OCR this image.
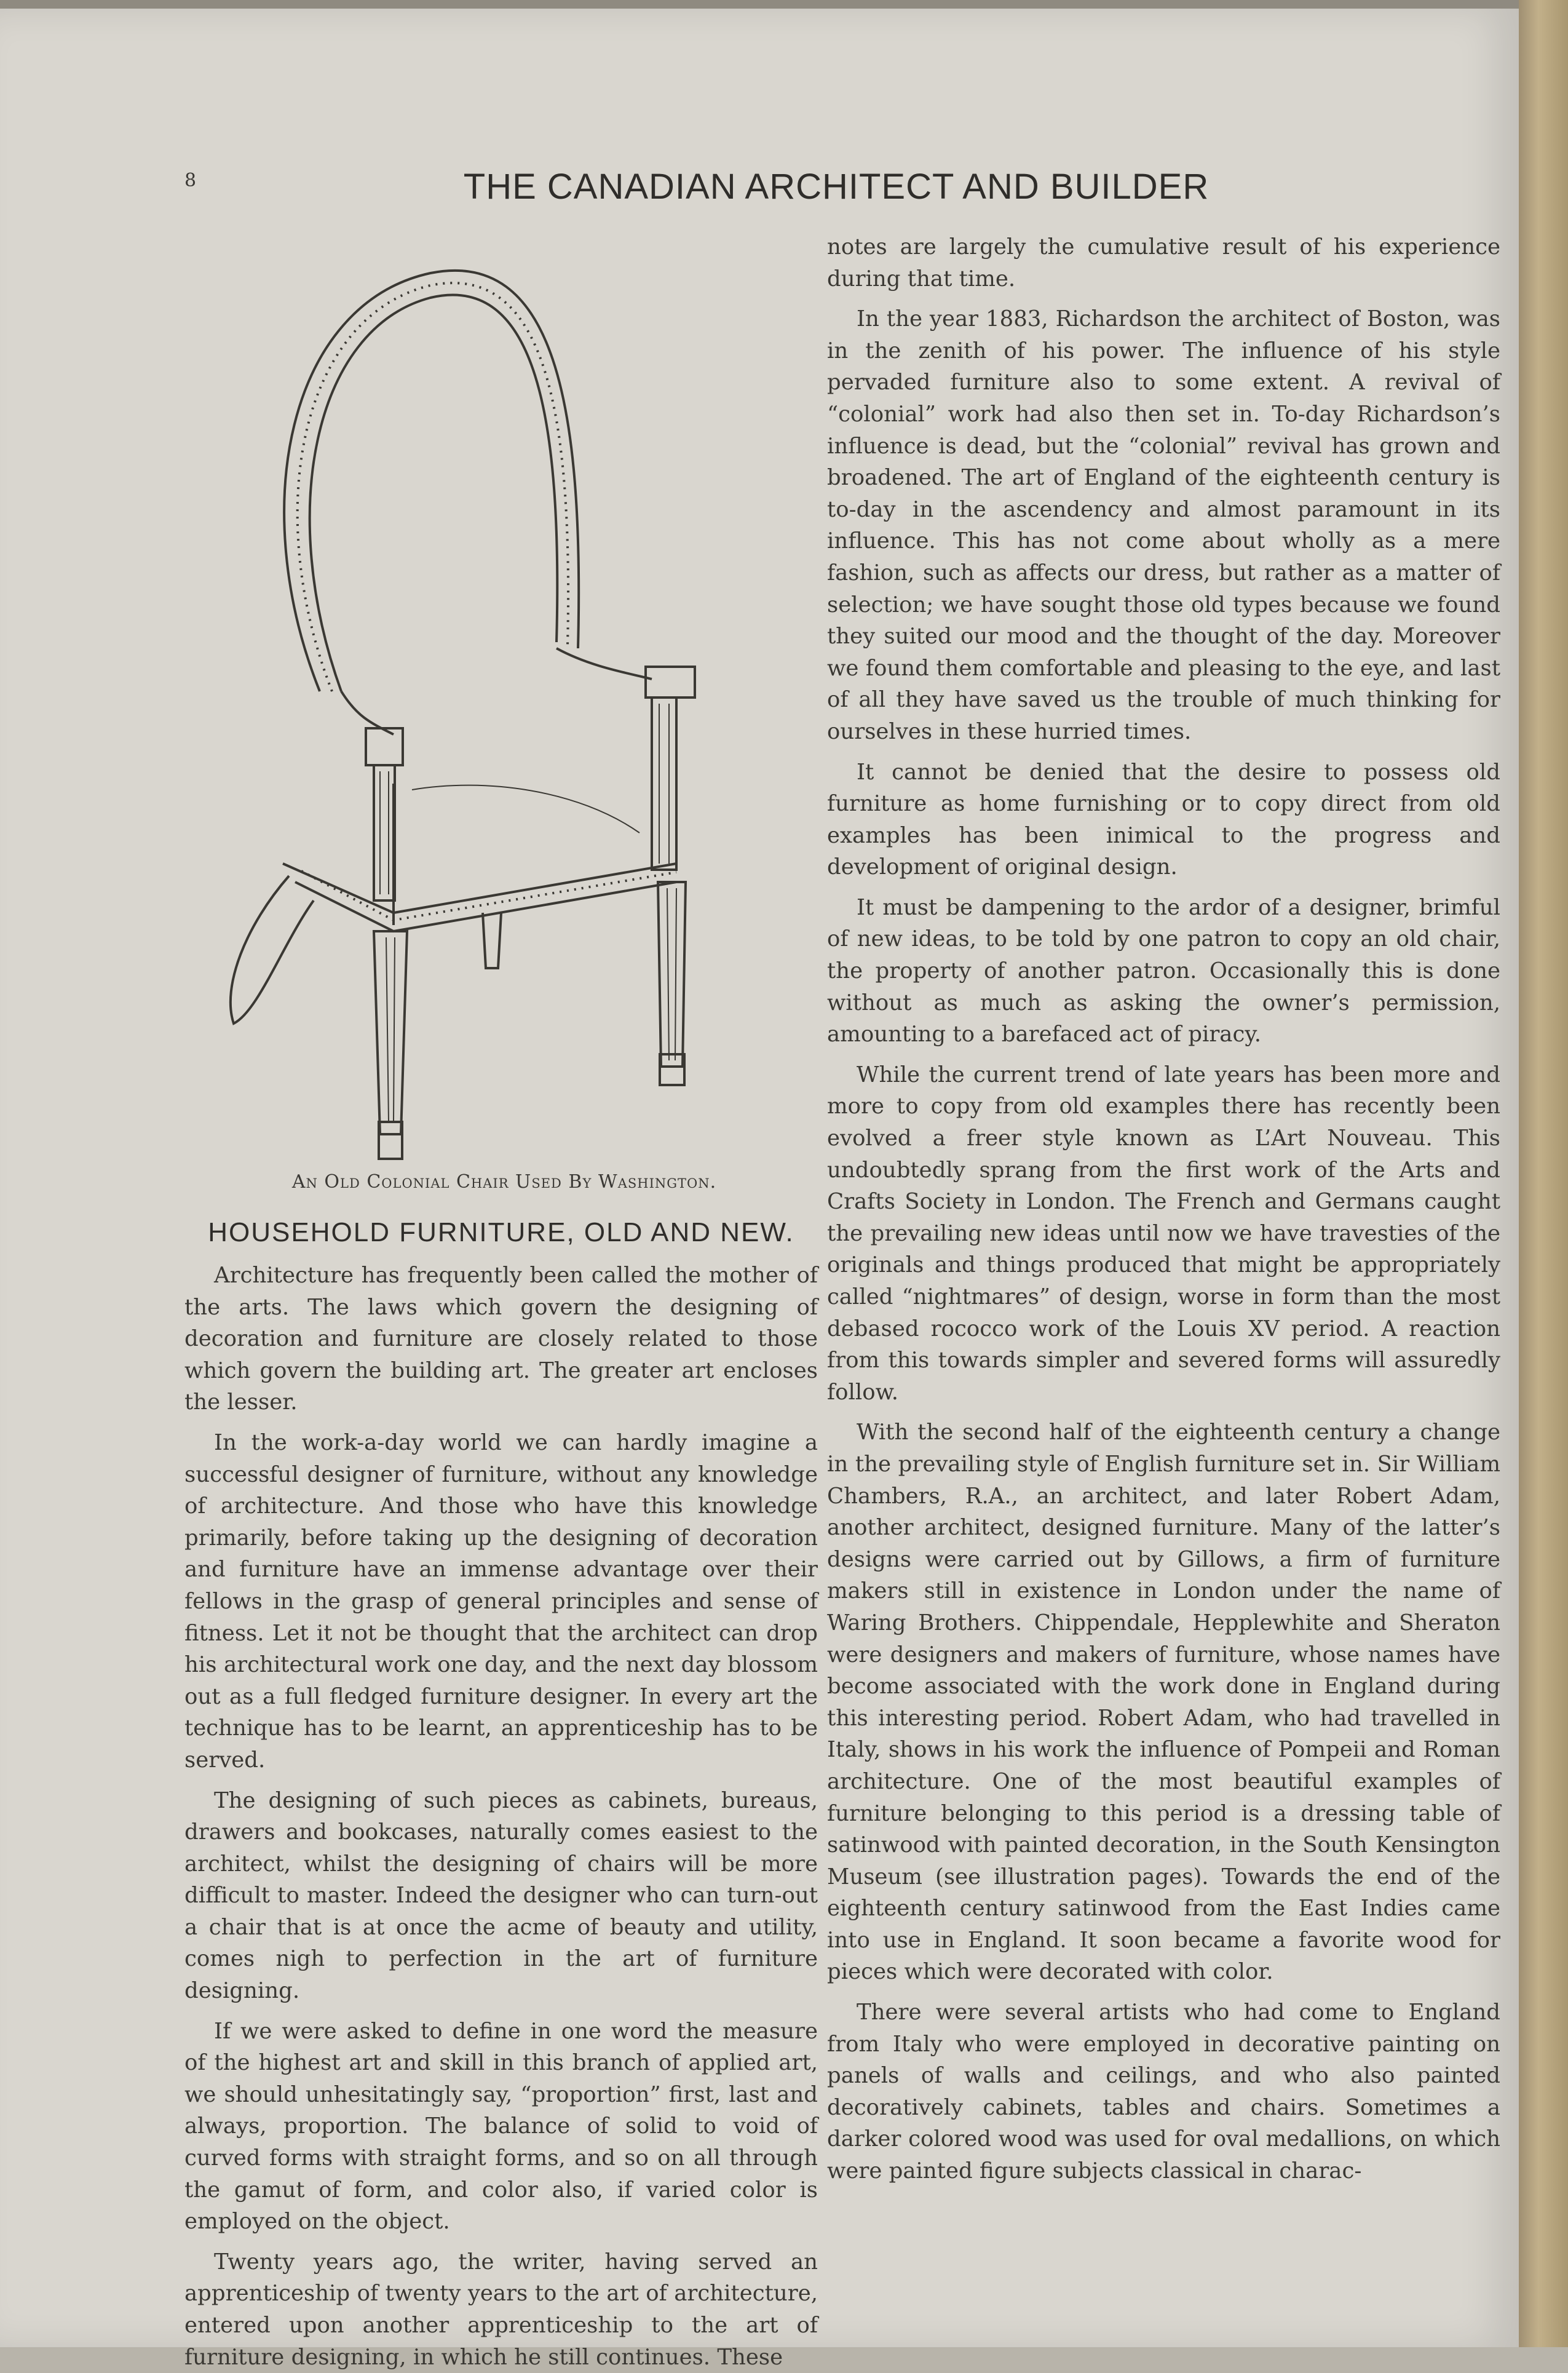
8	THE CANADIAN ARCHITECT AND BUILDER
An Old Colonial Chair Used By Washington.
HOUSEHOLD FURNITURE, OLD AND NEW.

Architecture has frequently been called the mother of the arts. The laws which govern the designing of decoration and furniture are closely related to those which govern the building art. The greater art encloses the lesser.

In the work-a-day world we can hardly imagine a successful designer of furniture, without any knowledge of architecture. And those who have this knowledge primarily, before taking up the designing of decoration and furniture have an immense advantage over their fellows in the grasp of general principles and sense of fitness. Let it not be thought that the architect can drop his architectural work one day, and the next day blossom out as a full fledged furniture designer. In every art the technique has to be learnt, an apprenticeship has to be served.

The designing of such pieces as cabinets, bureaus, drawers and bookcases, naturally comes easiest to the architect, whilst the designing of chairs will be more difficult to master. Indeed the designer who can turn-out a chair that is at once the acme of beauty and utility, comes nigh to perfection in the art of furniture designing.

If we were asked to define in one word the measure of the highest art and skill in this branch of applied art, we should unhesitatingly say, “proportion” first, last and always, proportion. The balance of solid to void of curved forms with straight forms, and so on all through the gamut of form, and color also, if varied color is employed on the object.

Twenty years ago, the writer, having served an apprenticeship of twenty years to the art of architecture, entered upon another apprenticeship to the art of furniture designing, in which he still continues. These

notes are largely the cumulative result of his experience during that time.

In the year 1883, Richardson the architect of Boston, was in the zenith of his power. The influence of his style pervaded furniture also to some extent. A revival of “colonial” work had also then set in. To-day Richardson’s influence is dead, but the “colonial” revival has grown and broadened. The art of England of the eighteenth century is to-day in the ascendency and almost paramount in its influence. This has not come about wholly as a mere fashion, such as affects our dress, but rather as a matter of selection; we have sought those old types because we found they suited our mood and the thought of the day. Moreover we found them comfortable and pleasing to the eye, and last of all they have saved us the trouble of much thinking for ourselves in these hurried times.

It cannot be denied that the desire to possess old furniture as home furnishing or to copy direct from old examples has been inimical to the progress and development of original design.

It must be dampening to the ardor of a designer, brimful of new ideas, to be told by one patron to copy an old chair, the property of another patron. Occasionally this is done without as much as asking the owner’s permission, amounting to a barefaced act of piracy.

While the current trend of late years has been more and more to copy from old examples there has recently been evolved a freer style known as L’Art Nouveau. This undoubtedly sprang from the first work of the Arts and Crafts Society in London. The French and Germans caught the prevailing new ideas until now we have travesties of the originals and things produced that might be appropriately called “nightmares” of design, worse in form than the most debased rococco work of the Louis XV period. A reaction from this towards simpler and severed forms will assuredly follow.

With the second half of the eighteenth century a change in the prevailing style of English furniture set in. Sir William Chambers, R.A., an architect, and later Robert Adam, another architect, designed furniture. Many of the latter’s designs were carried out by Gillows, a firm of furniture makers still in existence in London under the name of Waring Brothers. Chippendale, Hepplewhite and Sheraton were designers and makers of furniture, whose names have become associated with the work done in England during this interesting period. Robert Adam, who had travelled in Italy, shows in his work the influence of Pompeii and Roman architecture. One of the most beautiful examples of furniture belonging to this period is a dressing table of satinwood with painted decoration, in the South Kensington Museum (see illustration pages). Towards the end of the eighteenth century satinwood from the East Indies came into use in England. It soon became a favorite wood for pieces which were decorated with color.

There were several artists who had come to England from Italy who were employed in decorative painting on panels of walls and ceilings, and who also painted decoratively cabinets, tables and chairs. Sometimes a darker colored wood was used for oval medallions, on which were painted figure subjects classical in charac-
